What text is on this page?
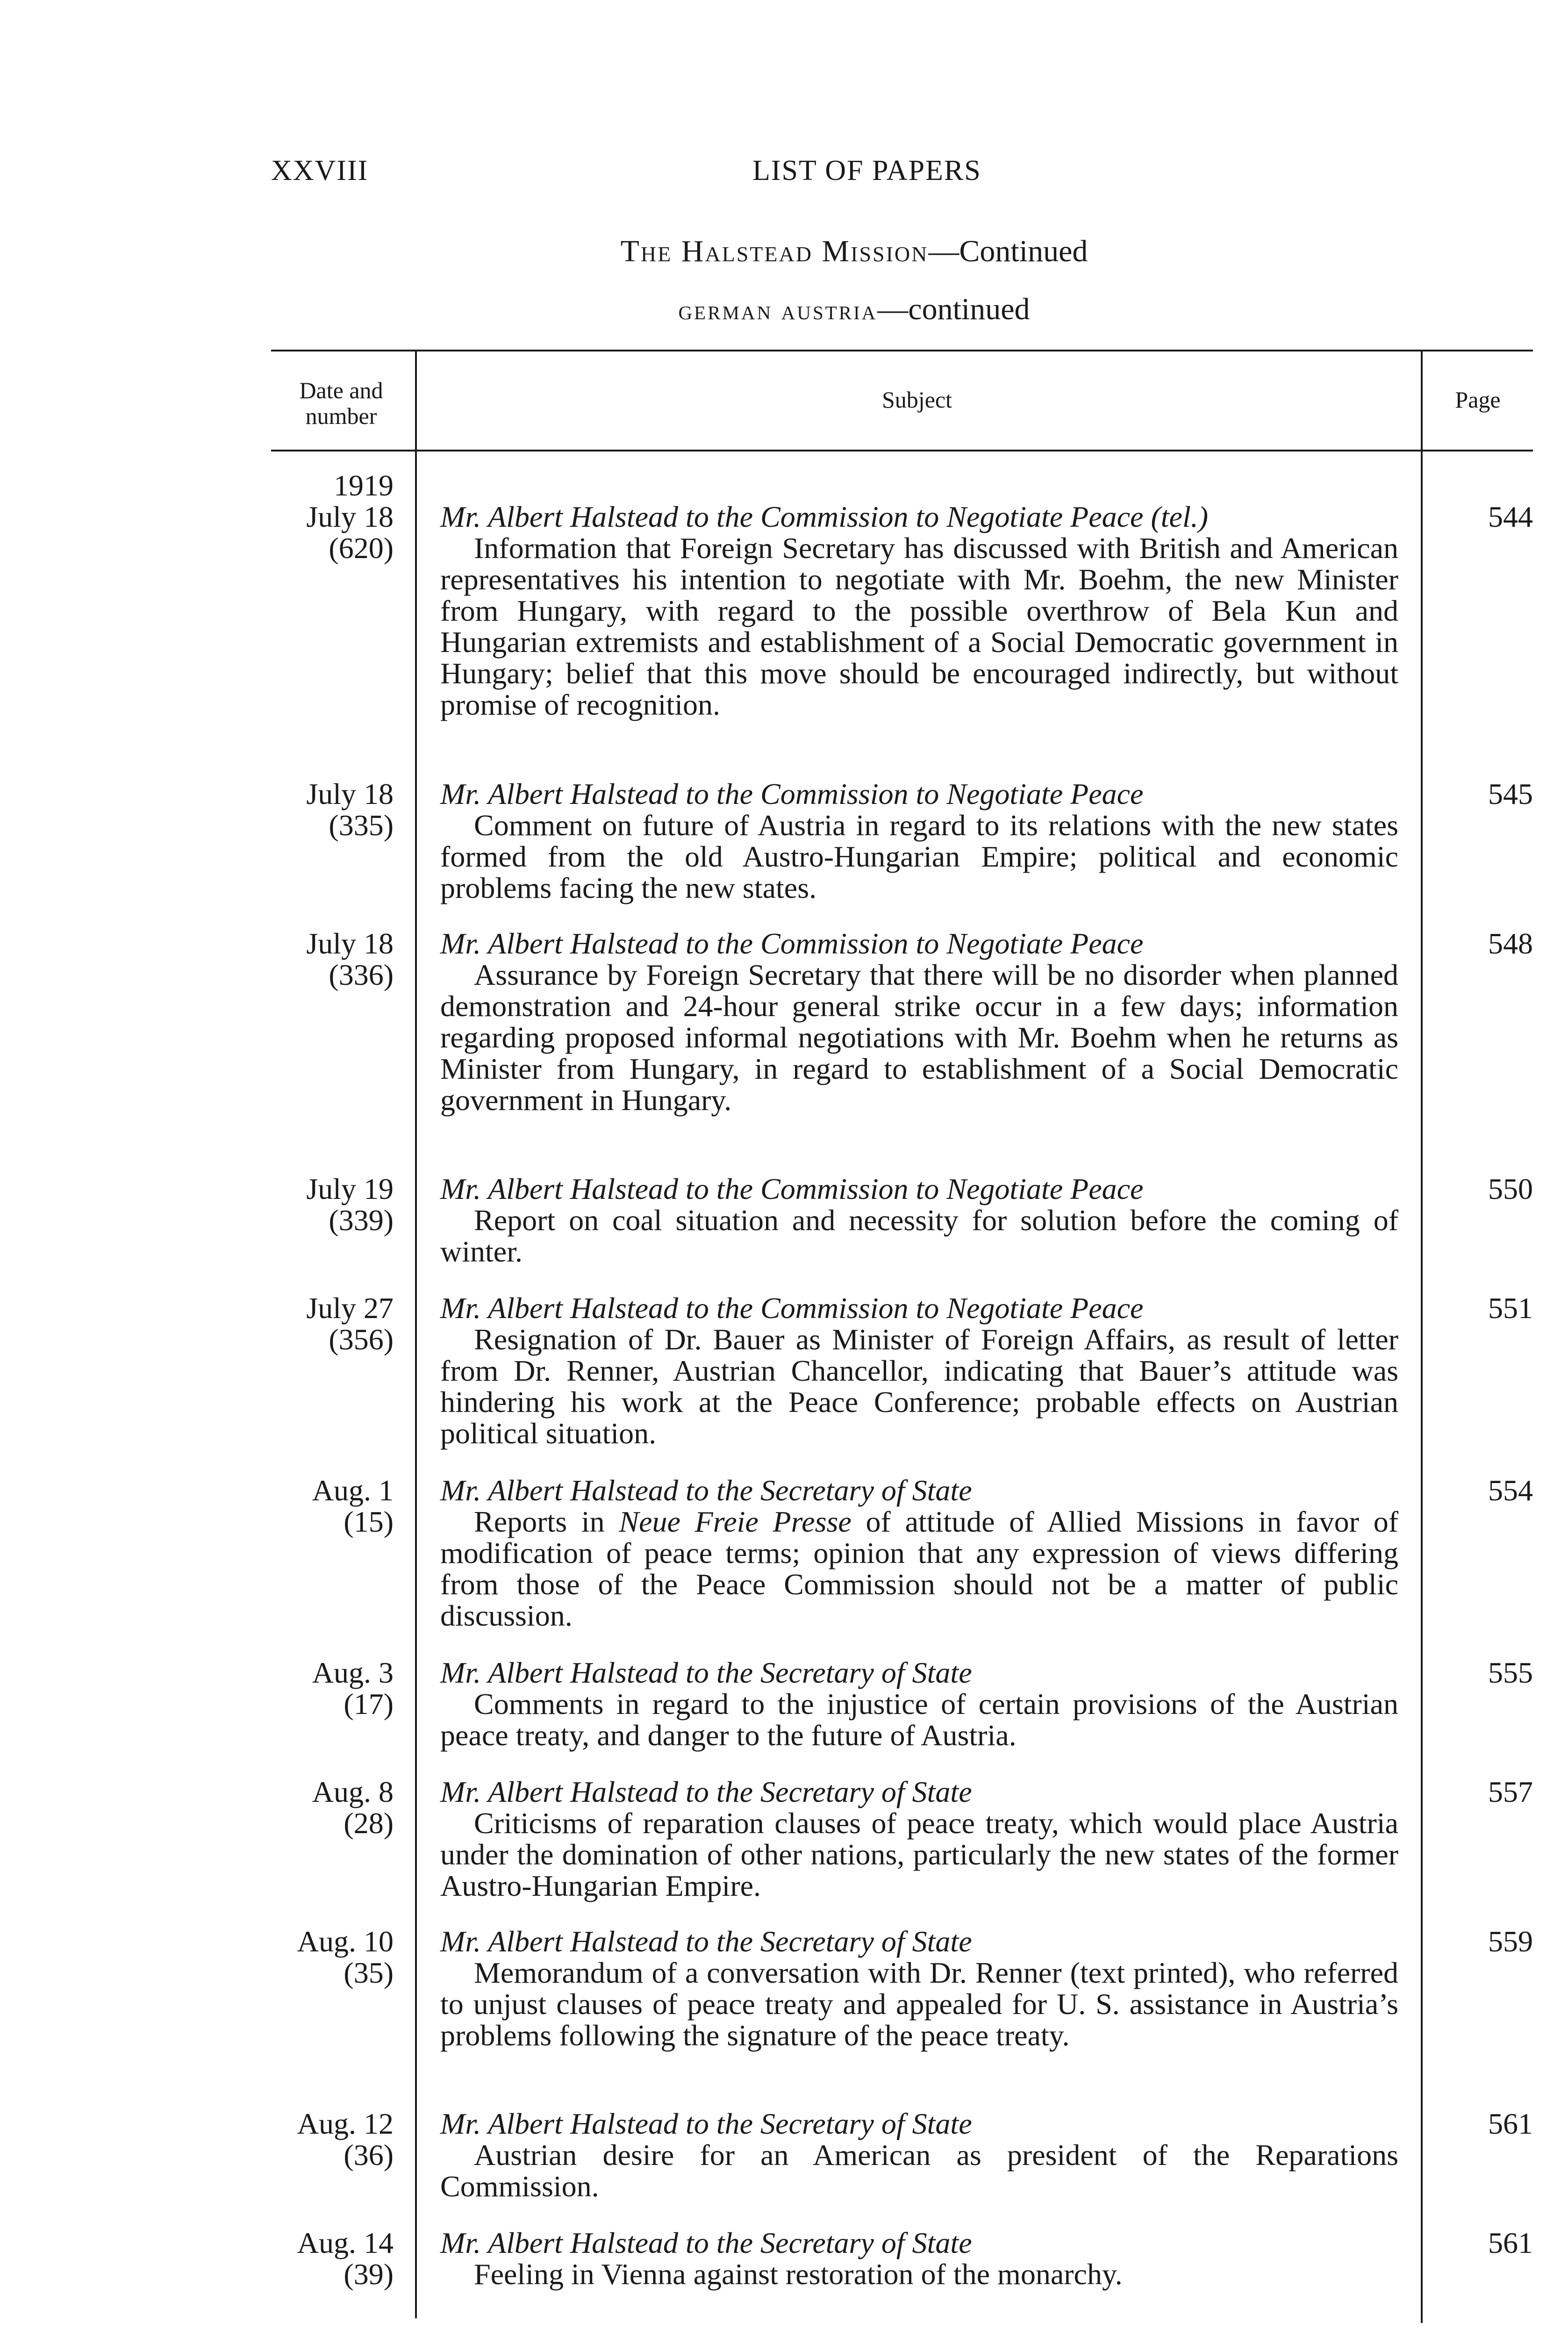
XXVIII	LIST OF PAPERS
The Halstead Mission—Continued
german austria—continued
Date and number
Subject	Page
1919
July 18
(620)
Mr. Albert Halstead to the Commission to Negotiate Peace (tel.)
Information that Foreign Secretary has discussed with British and American representatives his intention to negotiate with Mr. Boehm, the new Minister from Hungary, with regard to the possible overthrow of Bela Kun and Hungarian extremists and establishment of a Social Democratic government in Hungary; belief that this move should be encouraged indirectly, but without promise of recognition.
544
July 18
(335)
Mr. Albert Halstead to the Commission to Negotiate Peace
Comment on future of Austria in regard to its relations with the new states formed from the old Austro-Hungarian Empire; political and economic problems facing the new states.
545
July 18
(336)
Mr. Albert Halstead to the Commission to Negotiate Peace
Assurance by Foreign Secretary that there will be no disorder when planned demonstration and 24-hour general strike occur in a few days; information regarding proposed informal negotiations with Mr. Boehm when he returns as Minister from Hungary, in regard to establishment of a Social Democratic government in Hungary.
548
July 19
(339)
Mr. Albert Halstead to the Commission to Negotiate Peace
Report on coal situation and necessity for solution before the coming of winter.
550
July 27
(356)
Mr. Albert Halstead to the Commission to Negotiate Peace
Resignation of Dr. Bauer as Minister of Foreign Affairs, as result of letter from Dr. Renner, Austrian Chancellor, indicating that Bauer’s attitude was hindering his work at the Peace Conference; probable effects on Austrian political situation.
551
Aug. 1
(15)
Mr. Albert Halstead to the Secretary of State
Reports in Neue Freie Presse of attitude of Allied Missions in favor of modification of peace terms; opinion that any expression of views differing from those of the Peace Commission should not be a matter of public discussion.
554
Aug. 3
(17)
Mr. Albert Halstead to the Secretary of State
Comments in regard to the injustice of certain provisions of the Austrian peace treaty, and danger to the future of Austria.
555
Aug. 8
(28)
Mr. Albert Halstead to the Secretary of State
Criticisms of reparation clauses of peace treaty, which would place Austria under the domination of other nations, particularly the new states of the former Austro-Hungarian Empire.
557
Aug. 10
(35)
Mr. Albert Halstead to the Secretary of State
Memorandum of a conversation with Dr. Renner (text printed), who referred to unjust clauses of peace treaty and appealed for U. S. assistance in Austria’s problems following the signature of the peace treaty.
559
Aug. 12
(36)
Mr. Albert Halstead to the Secretary of State
Austrian desire for an American as president of the Reparations Commission.
561
Aug. 14
(39)
Mr. Albert Halstead to the Secretary of State
Feeling in Vienna against restoration of the monarchy.
561
